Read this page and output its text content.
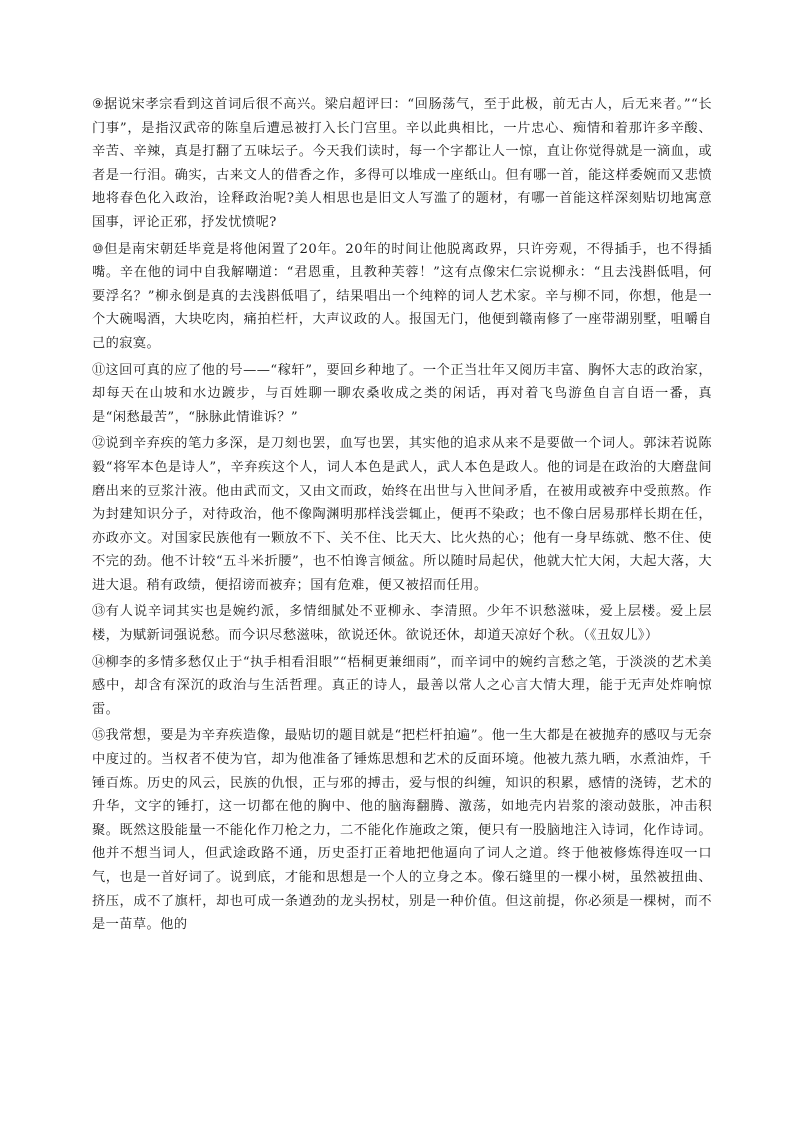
⑨据说宋孝宗看到这首词后很不高兴。梁启超评曰：“回肠荡气，至于此极，前无古人，后无来者。”“长门事”，是指汉武帝的陈皇后遭忌被打入长门宫里。辛以此典相比，一片忠心、痴情和着那许多辛酸、辛苦、辛辣，真是打翻了五味坛子。今天我们读时，每一个字都让人一惊，直让你觉得就是一滴血，或者是一行泪。确实，古来文人的借香之作，多得可以堆成一座纸山。但有哪一首，能这样委婉而又悲愤地将春色化入政治，诠释政治呢?美人相思也是旧文人写滥了的题材，有哪一首能这样深刻贴切地寓意国事，评论正邪，抒发忧愤呢?

⑩但是南宋朝廷毕竟是将他闲置了20年。20年的时间让他脱离政界，只许旁观，不得插手，也不得插嘴。辛在他的词中自我解嘲道：“君恩重，且教种芙蓉！”这有点像宋仁宗说柳永：“且去浅斟低唱，何要浮名？”柳永倒是真的去浅斟低唱了，结果唱出一个纯粹的词人艺术家。辛与柳不同，你想，他是一个大碗喝酒，大块吃肉，痛拍栏杆，大声议政的人。报国无门，他便到赣南修了一座带湖别墅，咀嚼自己的寂寞。

⑪这回可真的应了他的号——“稼轩”，要回乡种地了。一个正当壮年又阅历丰富、胸怀大志的政治家，却每天在山坡和水边踱步，与百姓聊一聊农桑收成之类的闲话，再对着飞鸟游鱼自言自语一番，真是“闲愁最苦”，“脉脉此情谁诉？”

⑫说到辛弃疾的笔力多深，是刀刻也罢，血写也罢，其实他的追求从来不是要做一个词人。郭沫若说陈毅“将军本色是诗人”，辛弃疾这个人，词人本色是武人，武人本色是政人。他的词是在政治的大磨盘间磨出来的豆浆汁液。他由武而文，又由文而政，始终在出世与入世间矛盾，在被用或被弃中受煎熬。作为封建知识分子，对待政治，他不像陶渊明那样浅尝辄止，便再不染政；也不像白居易那样长期在任，亦政亦文。对国家民族他有一颗放不下、关不住、比天大、比火热的心；他有一身早练就、憋不住、使不完的劲。他不计较“五斗米折腰”，也不怕谗言倾盆。所以随时局起伏，他就大忙大闲，大起大落，大进大退。稍有政绩，便招谤而被弃；国有危难，便又被招而任用。

⑬有人说辛词其实也是婉约派，多情细腻处不亚柳永、李清照。少年不识愁滋味，爱上层楼。爱上层楼，为赋新词强说愁。而今识尽愁滋味，欲说还休。欲说还休，却道天凉好个秋。（《丑奴儿》）

⑭柳李的多情多愁仅止于“执手相看泪眼”“梧桐更兼细雨”，而辛词中的婉约言愁之笔，于淡淡的艺术美感中，却含有深沉的政治与生活哲理。真正的诗人，最善以常人之心言大情大理，能于无声处炸响惊雷。

⑮我常想，要是为辛弃疾造像，最贴切的题目就是“把栏杆拍遍”。他一生大都是在被抛弃的感叹与无奈中度过的。当权者不使为官，却为他准备了锤炼思想和艺术的反面环境。他被九蒸九晒，水煮油炸，千锤百炼。历史的风云，民族的仇恨，正与邪的搏击，爱与恨的纠缠，知识的积累，感情的浇铸，艺术的升华，文字的锤打，这一切都在他的胸中、他的脑海翻腾、激荡，如地壳内岩浆的滚动鼓胀，冲击积聚。既然这股能量一不能化作刀枪之力，二不能化作施政之策，便只有一股脑地注入诗词，化作诗词。他并不想当词人，但武途政路不通，历史歪打正着地把他逼向了词人之道。终于他被修炼得连叹一口气，也是一首好词了。说到底，才能和思想是一个人的立身之本。像石缝里的一棵小树，虽然被扭曲、挤压，成不了旗杆，却也可成一条遒劲的龙头拐杖，别是一种价值。但这前提，你必须是一棵树，而不是一苗草。他的
